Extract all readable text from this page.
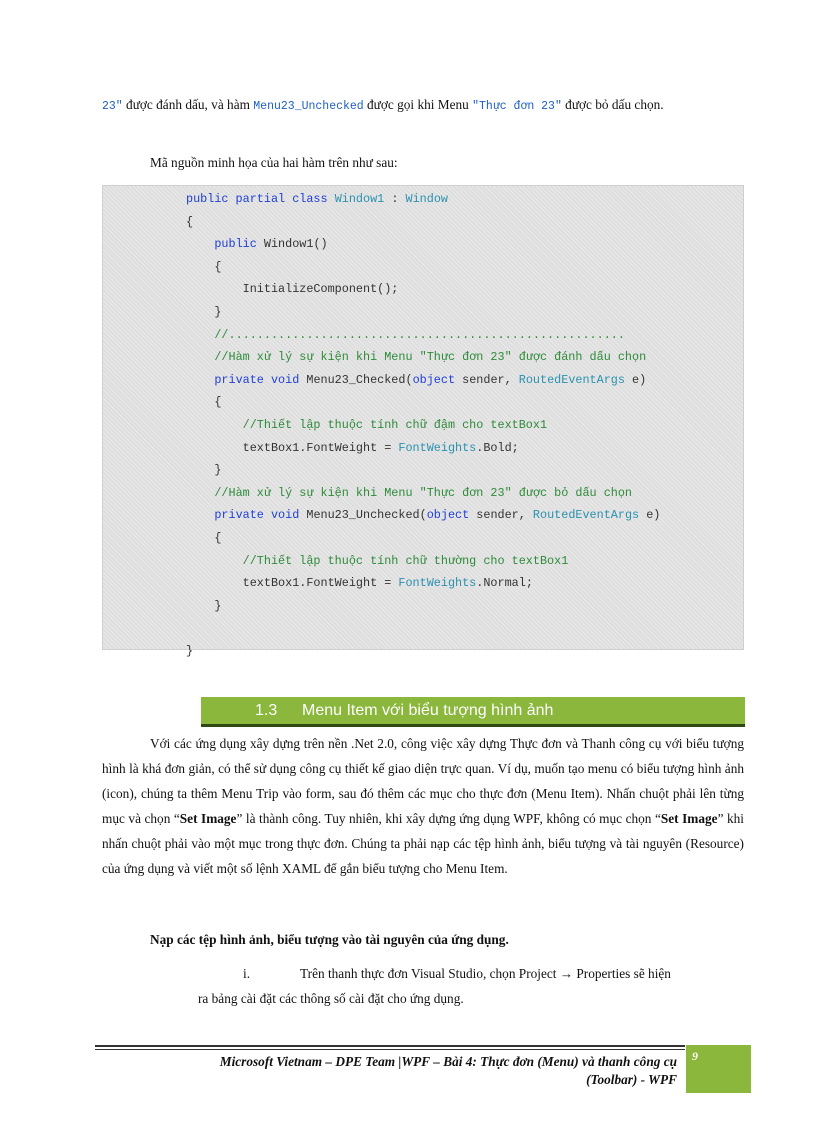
23" được đánh dấu, và hàm Menu23_Unchecked được gọi khi Menu "Thực đơn 23" được bỏ dấu chọn.
Mã nguồn minh họa của hai hàm trên như sau:
public partial class Window1 : Window
{
public Window1()
{
InitializeComponent();
}
//........................................................
//Hàm xử lý sự kiện khi Menu "Thực đơn 23" được đánh dấu chọn
private void Menu23_Checked(object sender, RoutedEventArgs e)
{
//Thiết lập thuộc tính chữ đậm cho textBox1
textBox1.FontWeight = FontWeights.Bold;
}
//Hàm xử lý sự kiện khi Menu "Thực đơn 23" được bỏ dấu chọn
private void Menu23_Unchecked(object sender, RoutedEventArgs e)
{
//Thiết lập thuộc tính chữ thường cho textBox1
textBox1.FontWeight = FontWeights.Normal;
}

}
1.3 Menu Item với biểu tượng hình ảnh
Với các ứng dụng xây dựng trên nền .Net 2.0, công việc xây dựng Thực đơn và Thanh công cụ với biểu tượng hình là khá đơn giản, có thể sử dụng công cụ thiết kế giao diện trực quan. Ví dụ, muốn tạo menu có biểu tượng hình ảnh (icon), chúng ta thêm Menu Trip vào form, sau đó thêm các mục cho thực đơn (Menu Item). Nhấn chuột phải lên từng mục và chọn “Set Image” là thành công. Tuy nhiên, khi xây dựng ứng dụng WPF, không có mục chọn “Set Image” khi nhấn chuột phải vào một mục trong thực đơn. Chúng ta phải nạp các tệp hình ảnh, biểu tượng và tài nguyên (Resource) của ứng dụng và viết một số lệnh XAML để gắn biểu tượng cho Menu Item.
Nạp các tệp hình ảnh, biểu tượng vào tài nguyên của ứng dụng.
i.	Trên thanh thực đơn Visual Studio, chọn Project → Properties sẽ hiện
ra bảng cài đặt các thông số cài đặt cho ứng dụng.
Microsoft Vietnam – DPE Team |WPF – Bài 4: Thực đơn (Menu) và thanh công cụ
(Toolbar) - WPF
9
